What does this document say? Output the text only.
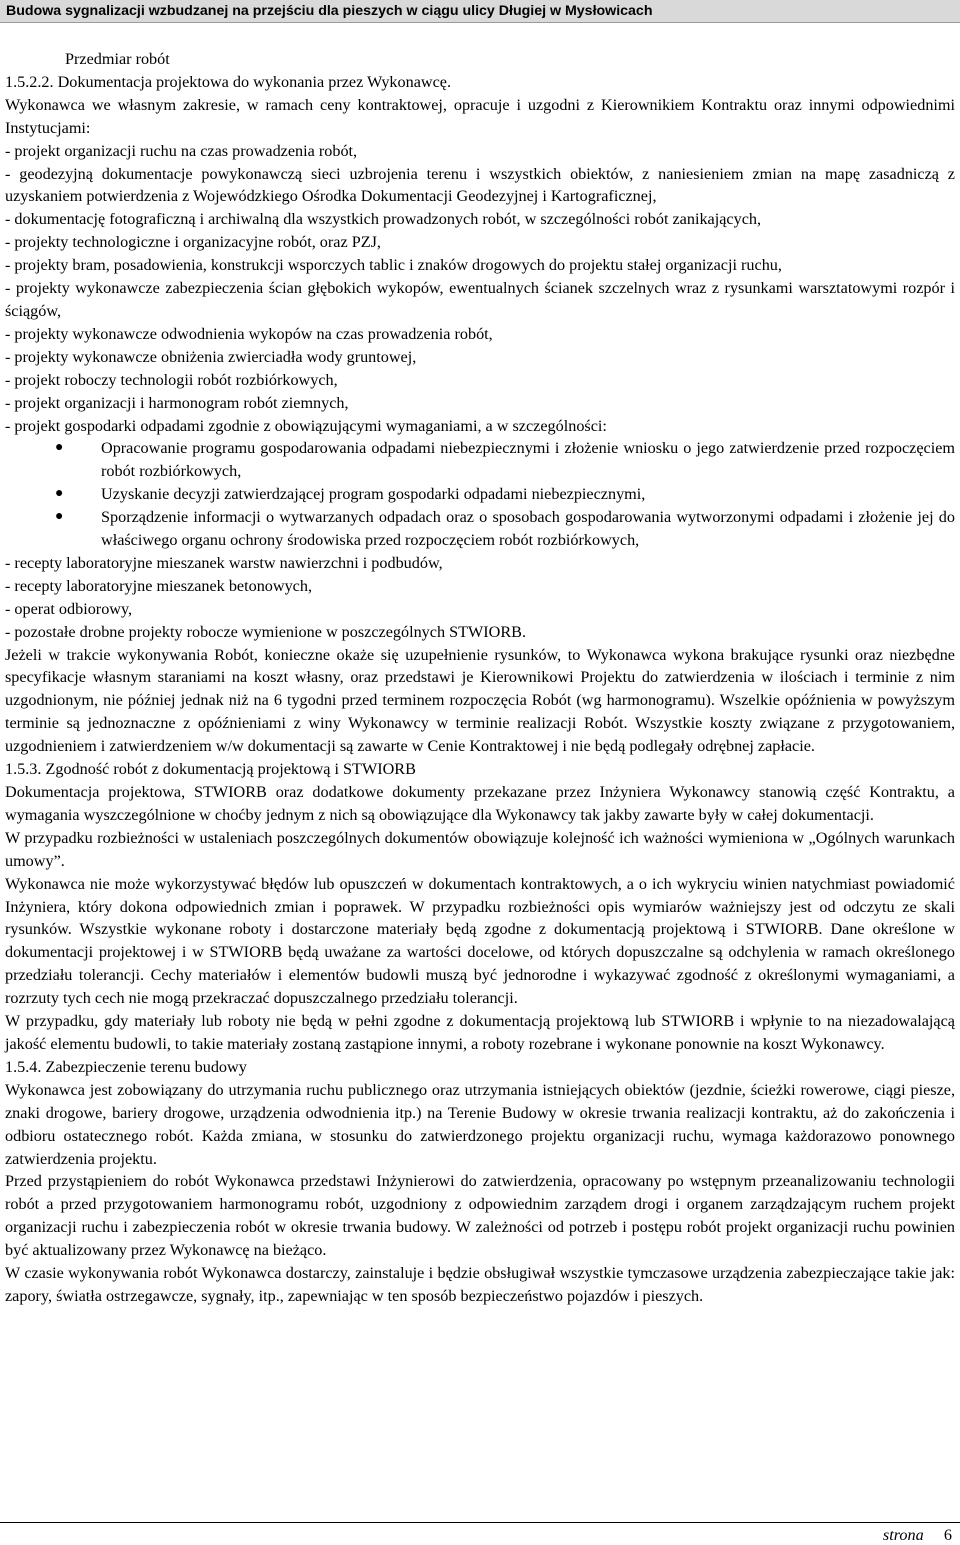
Budowa sygnalizacji wzbudzanej na przejściu dla pieszych w ciągu ulicy Długiej w Mysłowicach
Przedmiar robót
1.5.2.2. Dokumentacja projektowa do wykonania przez Wykonawcę.
Wykonawca we własnym zakresie, w ramach ceny kontraktowej, opracuje i uzgodni z Kierownikiem Kontraktu oraz innymi odpowiednimi Instytucjami:
- projekt organizacji ruchu na czas prowadzenia robót,
- geodezyjną dokumentacje powykonawczą sieci uzbrojenia terenu i wszystkich obiektów, z naniesieniem zmian na mapę zasadniczą z uzyskaniem potwierdzenia z Wojewódzkiego Ośrodka Dokumentacji Geodezyjnej i Kartograficznej,
- dokumentację fotograficzną i archiwalną dla wszystkich prowadzonych robót, w szczególności robót zanikających,
- projekty technologiczne i organizacyjne robót, oraz PZJ,
- projekty bram, posadowienia, konstrukcji wsporczych tablic i znaków drogowych do projektu stałej organizacji ruchu,
- projekty wykonawcze zabezpieczenia ścian głębokich wykopów, ewentualnych ścianek szczelnych wraz z rysunkami warsztatowymi rozpór i ściągów,
- projekty wykonawcze odwodnienia wykopów na czas prowadzenia robót,
- projekty wykonawcze obniżenia zwierciadła wody gruntowej,
- projekt roboczy technologii robót rozbiórkowych,
- projekt organizacji i harmonogram robót ziemnych,
- projekt gospodarki odpadami zgodnie z obowiązującymi wymaganiami, a w szczególności:
● Opracowanie programu gospodarowania odpadami niebezpiecznymi i złożenie wniosku o jego zatwierdzenie przed rozpoczęciem robót rozbiórkowych,
● Uzyskanie decyzji zatwierdzającej program gospodarki odpadami niebezpiecznymi,
● Sporządzenie informacji o wytwarzanych odpadach oraz o sposobach gospodarowania wytworzonymi odpadami i złożenie jej do właściwego organu ochrony środowiska przed rozpoczęciem robót rozbiórkowych,
- recepty laboratoryjne mieszanek warstw nawierzchni i podbudów,
- recepty laboratoryjne mieszanek betonowych,
- operat odbiorowy,
- pozostałe drobne projekty robocze wymienione w poszczególnych STWIORB.
Jeżeli w trakcie wykonywania Robót, konieczne okaże się uzupełnienie rysunków, to Wykonawca wykona brakujące rysunki oraz niezbędne specyfikacje własnym staraniami na koszt własny, oraz przedstawi je Kierownikowi Projektu do zatwierdzenia w ilościach i terminie z nim uzgodnionym, nie później jednak niż na 6 tygodni przed terminem rozpoczęcia Robót (wg harmonogramu). Wszelkie opóźnienia w powyższym terminie są jednoznaczne z opóźnieniami z winy Wykonawcy w terminie realizacji Robót. Wszystkie koszty związane z przygotowaniem, uzgodnieniem i zatwierdzeniem w/w dokumentacji są zawarte w Cenie Kontraktowej i nie będą podlegały odrębnej zapłacie.
1.5.3. Zgodność robót z dokumentacją projektową i STWIORB
Dokumentacja projektowa, STWIORB oraz dodatkowe dokumenty przekazane przez Inżyniera Wykonawcy stanowią część Kontraktu, a wymagania wyszczególnione w choćby jednym z nich są obowiązujące dla Wykonawcy tak jakby zawarte były w całej dokumentacji.
W przypadku rozbieżności w ustaleniach poszczególnych dokumentów obowiązuje kolejność ich ważności wymieniona w „Ogólnych warunkach umowy”.
Wykonawca nie może wykorzystywać błędów lub opuszczeń w dokumentach kontraktowych, a o ich wykryciu winien natychmiast powiadomić Inżyniera, który dokona odpowiednich zmian i poprawek. W przypadku rozbieżności opis wymiarów ważniejszy jest od odczytu ze skali rysunków. Wszystkie wykonane roboty i dostarczone materiały będą zgodne z dokumentacją projektową i STWIORB. Dane określone w dokumentacji projektowej i w STWIORB będą uważane za wartości docelowe, od których dopuszczalne są odchylenia w ramach określonego przedziału tolerancji. Cechy materiałów i elementów budowli muszą być jednorodne i wykazywać zgodność z określonymi wymaganiami, a rozrzuty tych cech nie mogą przekraczać dopuszczalnego przedziału tolerancji.
W przypadku, gdy materiały lub roboty nie będą w pełni zgodne z dokumentacją projektową lub STWIORB i wpłynie to na niezadowalającą jakość elementu budowli, to takie materiały zostaną zastąpione innymi, a roboty rozebrane i wykonane ponownie na koszt Wykonawcy.
1.5.4. Zabezpieczenie terenu budowy
Wykonawca jest zobowiązany do utrzymania ruchu publicznego oraz utrzymania istniejących obiektów (jezdnie, ścieżki rowerowe, ciągi piesze, znaki drogowe, bariery drogowe, urządzenia odwodnienia itp.) na Terenie Budowy w okresie trwania realizacji kontraktu, aż do zakończenia i odbioru ostatecznego robót. Każda zmiana, w stosunku do zatwierdzonego projektu organizacji ruchu, wymaga każdorazowo ponownego zatwierdzenia projektu.
Przed przystąpieniem do robót Wykonawca przedstawi Inżynierowi do zatwierdzenia, opracowany po wstępnym przeanalizowaniu technologii robót a przed przygotowaniem harmonogramu robót, uzgodniony z odpowiednim zarządem drogi i organem zarządzającym ruchem projekt organizacji ruchu i zabezpieczenia robót w okresie trwania budowy. W zależności od potrzeb i postępu robót projekt organizacji ruchu powinien być aktualizowany przez Wykonawcę na bieżąco.
W czasie wykonywania robót Wykonawca dostarczy, zainstaluje i będzie obsługiwał wszystkie tymczasowe urządzenia zabezpieczające takie jak: zapory, światła ostrzegawcze, sygnały, itp., zapewniając w ten sposób bezpieczeństwo pojazdów i pieszych.
strona 6
